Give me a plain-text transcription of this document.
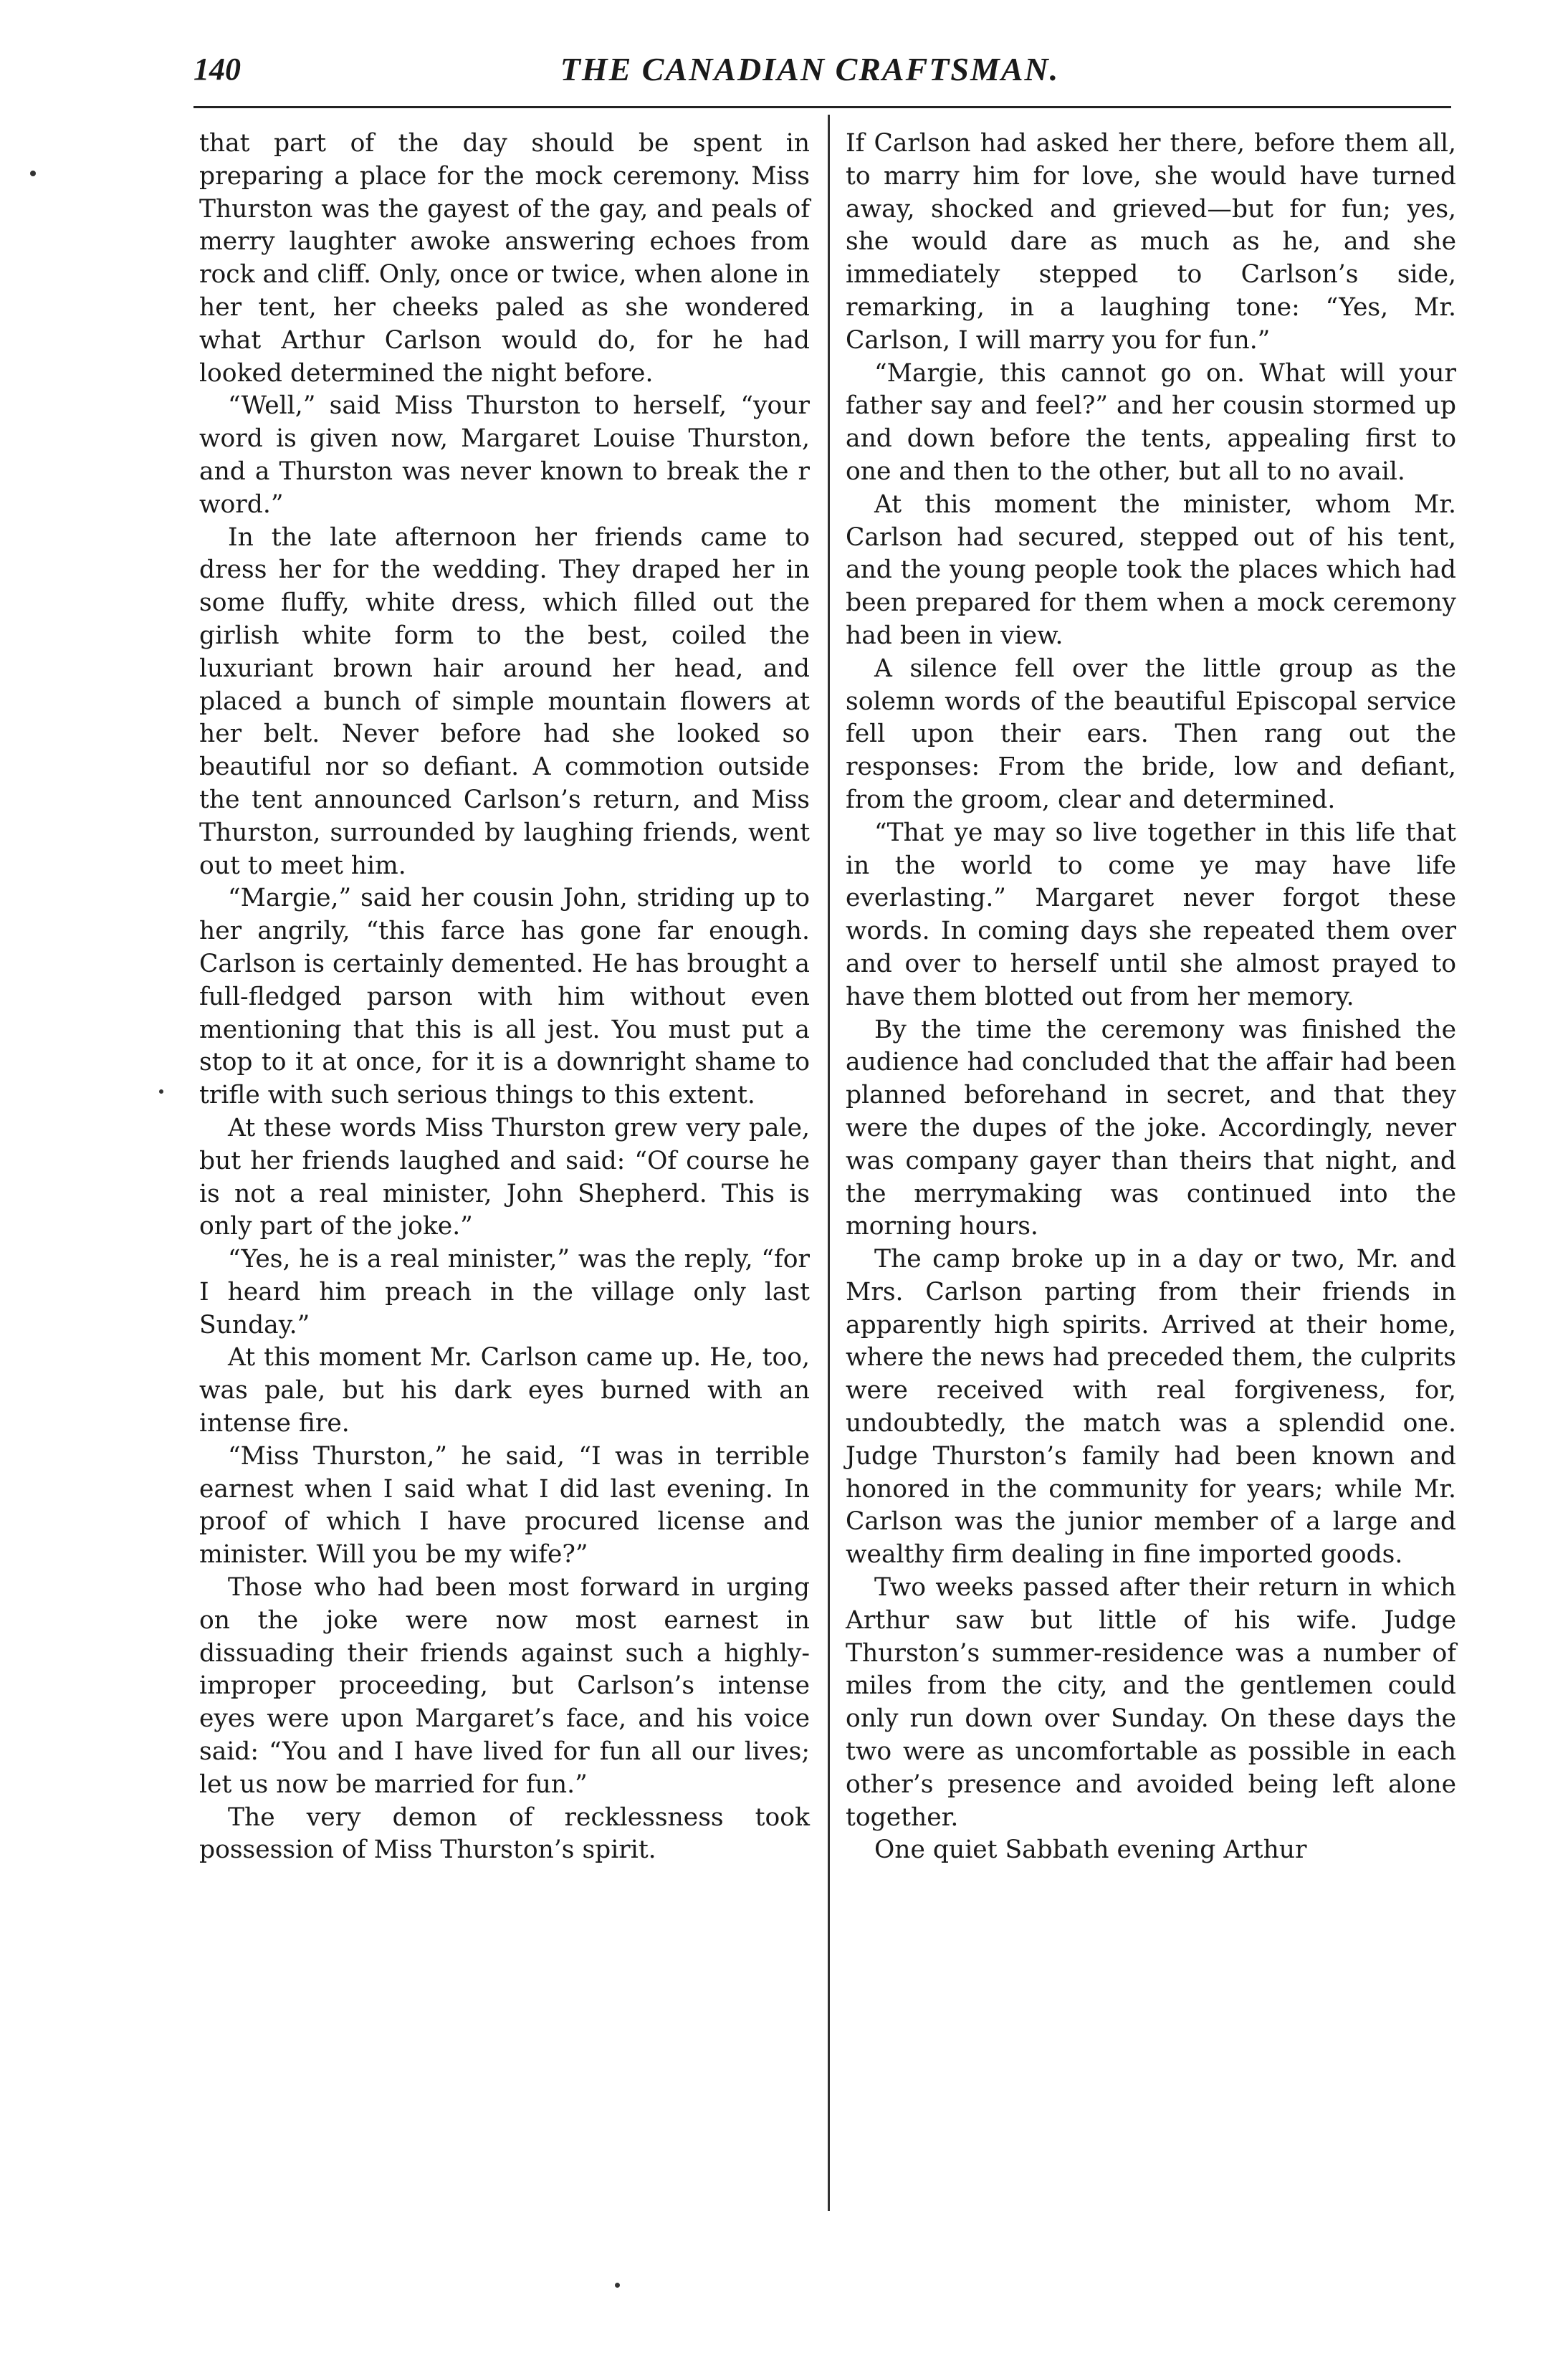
140	THE CANADIAN CRAFTSMAN.

that part of the day should be spent in preparing a place for the mock ceremony. Miss Thurston was the gayest of the gay, and peals of merry laughter awoke answering echoes from rock and cliff. Only, once or twice, when alone in her tent, her cheeks paled as she wondered what Arthur Carlson would do, for he had looked determined the night before.

“Well,” said Miss Thurston to herself, “your word is given now, Margaret Louise Thurston, and a Thurston was never known to break the r word.”

In the late afternoon her friends came to dress her for the wedding. They draped her in some fluffy, white dress, which filled out the girlish white form to the best, coiled the luxuriant brown hair around her head, and placed a bunch of simple mountain flowers at her belt. Never before had she looked so beautiful nor so defiant. A commotion outside the tent announced Carlson’s return, and Miss Thurston, surrounded by laughing friends, went out to meet him.

“Margie,” said her cousin John, striding up to her angrily, “this farce has gone far enough. Carlson is certainly demented. He has brought a full-fledged parson with him without even mentioning that this is all jest. You must put a stop to it at once, for it is a downright shame to trifle with such serious things to this extent.

At these words Miss Thurston grew very pale, but her friends laughed and said: “Of course he is not a real minister, John Shepherd. This is only part of the joke.”

“Yes, he is a real minister,” was the reply, “for I heard him preach in the village only last Sunday.”

At this moment Mr. Carlson came up. He, too, was pale, but his dark eyes burned with an intense fire.

“Miss Thurston,” he said, “I was in terrible earnest when I said what I did last evening. In proof of which I have procured license and minister. Will you be my wife?”

Those who had been most forward in urging on the joke were now most earnest in dissuading their friends against such a highly-improper proceeding, but Carlson’s intense eyes were upon Margaret’s face, and his voice said: “You and I have lived for fun all our lives; let us now be married for fun.”

The very demon of recklessness took possession of Miss Thurston’s spirit.

If Carlson had asked her there, before them all, to marry him for love, she would have turned away, shocked and grieved—but for fun; yes, she would dare as much as he, and she immediately stepped to Carlson’s side, remarking, in a laughing tone: “Yes, Mr. Carlson, I will marry you for fun.”

“Margie, this cannot go on. What will your father say and feel?” and her cousin stormed up and down before the tents, appealing first to one and then to the other, but all to no avail.

At this moment the minister, whom Mr. Carlson had secured, stepped out of his tent, and the young people took the places which had been prepared for them when a mock ceremony had been in view.

A silence fell over the little group as the solemn words of the beautiful Episcopal service fell upon their ears. Then rang out the responses: From the bride, low and defiant, from the groom, clear and determined.

“That ye may so live together in this life that in the world to come ye may have life everlasting.” Margaret never forgot these words. In coming days she repeated them over and over to herself until she almost prayed to have them blotted out from her memory.

By the time the ceremony was finished the audience had concluded that the affair had been planned beforehand in secret, and that they were the dupes of the joke. Accordingly, never was company gayer than theirs that night, and the merrymaking was continued into the morning hours.

The camp broke up in a day or two, Mr. and Mrs. Carlson parting from their friends in apparently high spirits. Arrived at their home, where the news had preceded them, the culprits were received with real forgiveness, for, undoubtedly, the match was a splendid one. Judge Thurston’s family had been known and honored in the community for years; while Mr. Carlson was the junior member of a large and wealthy firm dealing in fine imported goods.

Two weeks passed after their return in which Arthur saw but little of his wife. Judge Thurston’s summer-residence was a number of miles from the city, and the gentlemen could only run down over Sunday. On these days the two were as uncomfortable as possible in each other’s presence and avoided being left alone together.

One quiet Sabbath evening Arthur
